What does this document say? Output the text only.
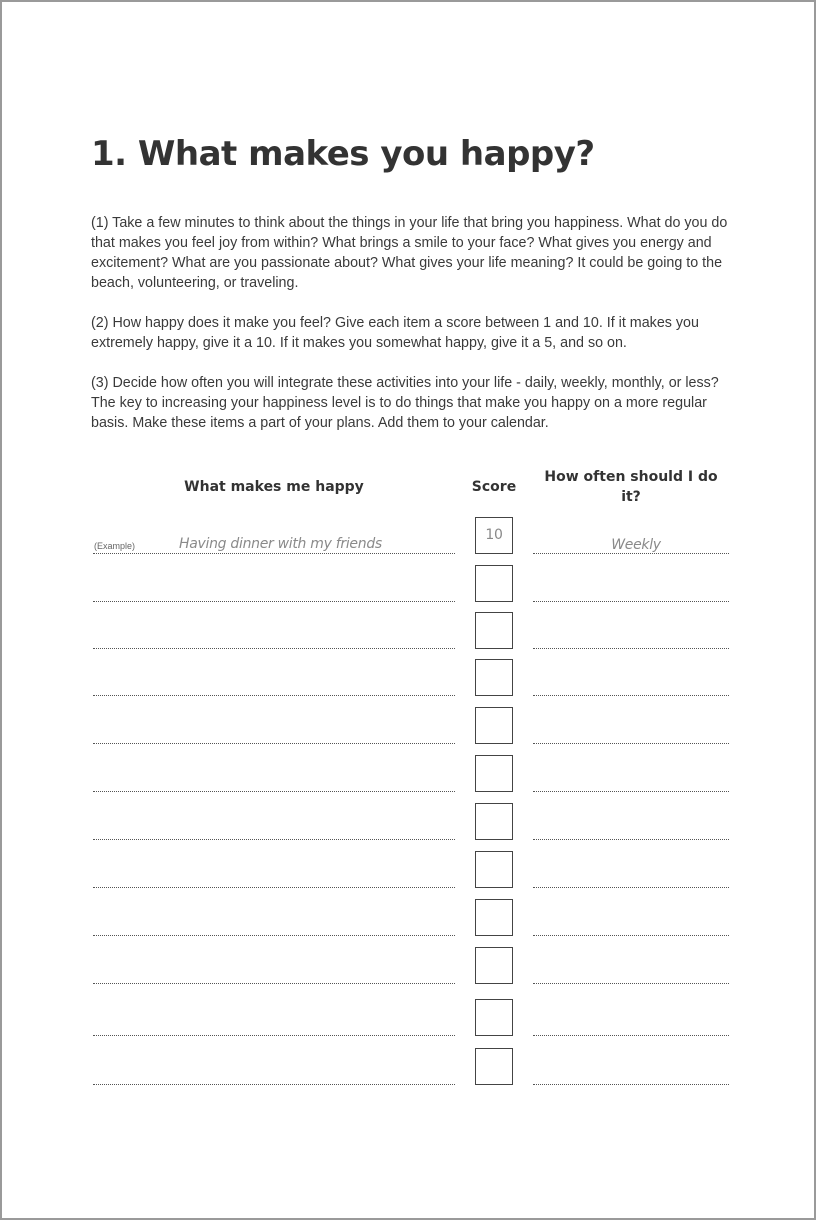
1. What makes you happy?

(1) Take a few minutes to think about the things in your life that bring you happiness. What do you do that makes you feel joy from within? What brings a smile to your face? What gives you energy and excitement? What are you passionate about? What gives your life meaning? It could be going to the beach, volunteering, or traveling.

(2) How happy does it make you feel? Give each item a score between 1 and 10. If it makes you extremely happy, give it a 10. If it makes you somewhat happy, give it a 5, and so on.

(3) Decide how often you will integrate these activities into your life - daily, weekly, monthly, or less? The key to increasing your happiness level is to do things that make you happy on a more regular basis. Make these items a part of your plans. Add them to your calendar.

What makes me happy	Score
How often should I do it?
(Example)	Having dinner with my friends
10
Weekly
